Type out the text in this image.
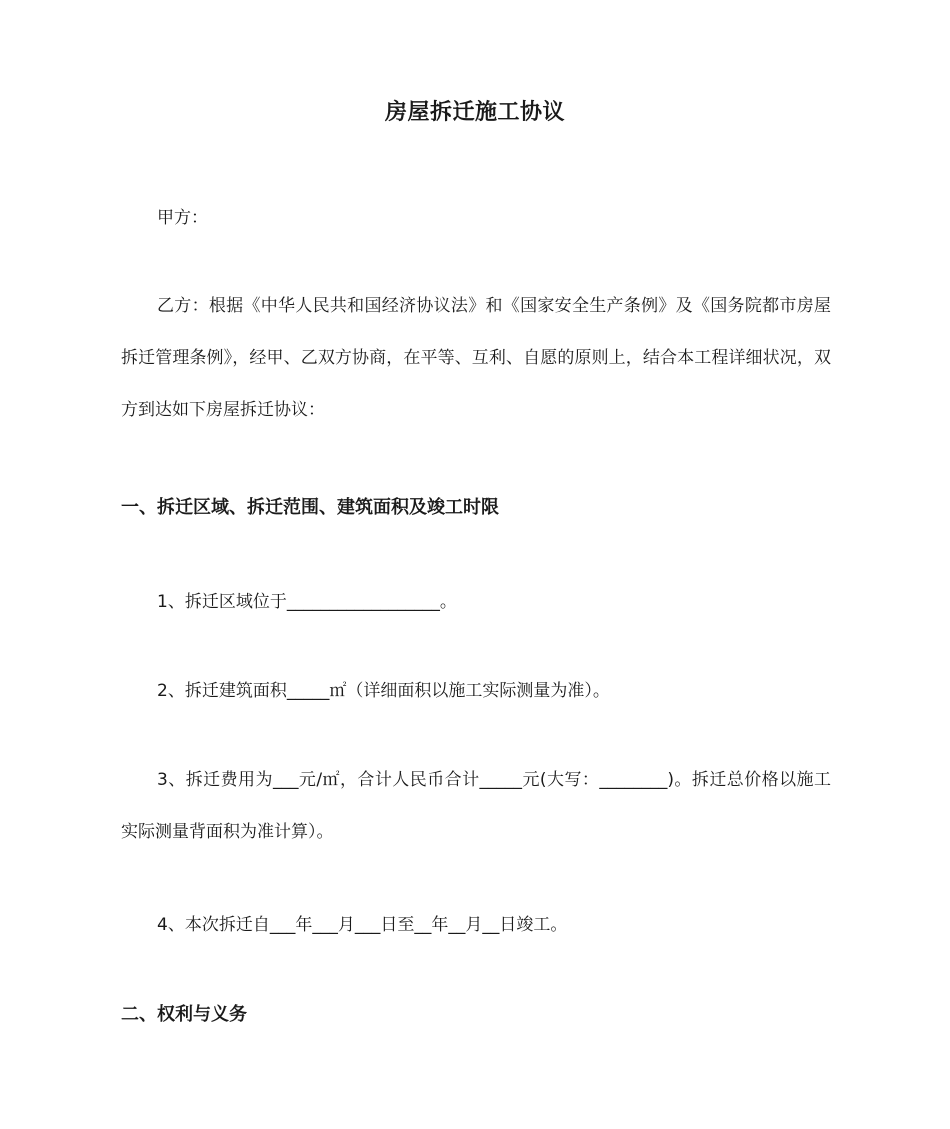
房屋拆迁施工协议

甲方：

乙方：根据《中华人民共和国经济协议法》和《国家安全生产条例》及《国务院都市房屋拆迁管理条例》，经甲、乙双方协商，在平等、互利、自愿的原则上，结合本工程详细状况，双方到达如下房屋拆迁协议：

一、拆迁区域、拆迁范围、建筑面积及竣工时限

1、拆迁区域位于__________________。

2、拆迁建筑面积_____㎡（详细面积以施工实际测量为准）。

3、拆迁费用为___元/㎡，合计人民币合计_____元(大写：________)。拆迁总价格以施工实际测量背面积为准计算）。

4、本次拆迁自___年___月___日至__年__月__日竣工。

二、权利与义务
